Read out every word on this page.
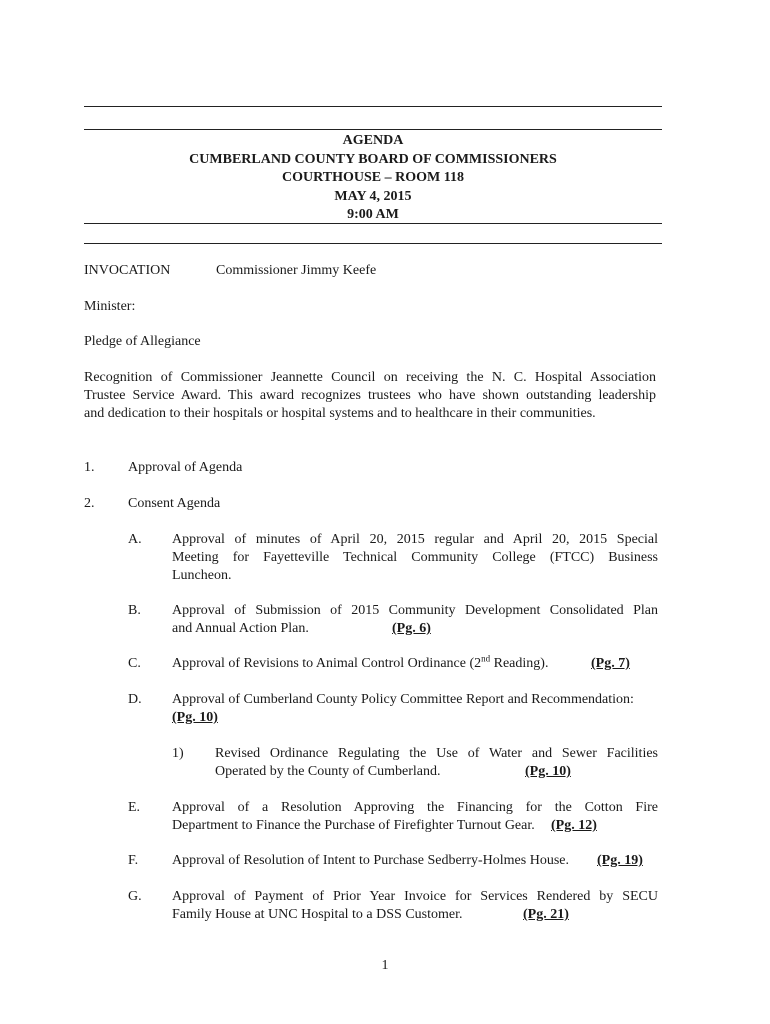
AGENDA
CUMBERLAND COUNTY BOARD OF COMMISSIONERS
COURTHOUSE – ROOM 118
MAY 4, 2015
9:00 AM
INVOCATION	Commissioner Jimmy Keefe
Minister:
Pledge of Allegiance
Recognition of Commissioner Jeannette Council on receiving the N. C. Hospital Association
Trustee Service Award. This award recognizes trustees who have shown outstanding leadership
and dedication to their hospitals or hospital systems and to healthcare in their communities.
1. Approval of Agenda
2. Consent Agenda
A. Approval of minutes of April 20, 2015 regular and April 20, 2015 Special
Meeting for Fayetteville Technical Community College (FTCC) Business
Luncheon.
B. Approval of Submission of 2015 Community Development Consolidated Plan
and Annual Action Plan.	(Pg. 6)
C. Approval of Revisions to Animal Control Ordinance (2nd Reading).	(Pg. 7)
D. Approval of Cumberland County Policy Committee Report and Recommendation:
(Pg. 10)
1) Revised Ordinance Regulating the Use of Water and Sewer Facilities
Operated by the County of Cumberland.	(Pg. 10)
E. Approval of a Resolution Approving the Financing for the Cotton Fire
Department to Finance the Purchase of Firefighter Turnout Gear. (Pg. 12)
F. Approval of Resolution of Intent to Purchase Sedberry-Holmes House. (Pg. 19)
G. Approval of Payment of Prior Year Invoice for Services Rendered by SECU
Family House at UNC Hospital to a DSS Customer.	(Pg. 21)
1
